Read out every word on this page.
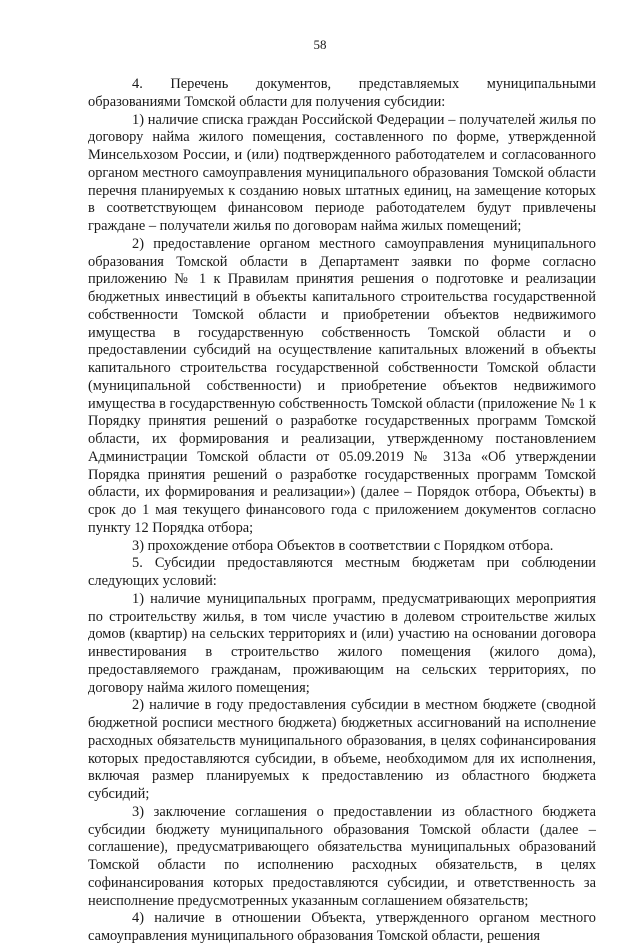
58

4. Перечень документов, представляемых муниципальными образованиями Томской области для получения субсидии:

1) наличие списка граждан Российской Федерации – получателей жилья по договору найма жилого помещения, составленного по форме, утвержденной Минсельхозом России, и (или) подтвержденного работодателем и согласованного органом местного самоуправления муниципального образования Томской области перечня планируемых к созданию новых штатных единиц, на замещение которых в соответствующем финансовом периоде работодателем будут привлечены граждане – получатели жилья по договорам найма жилых помещений;

2) предоставление органом местного самоуправления муниципального образования Томской области в Департамент заявки по форме согласно приложению № 1 к Правилам принятия решения о подготовке и реализации бюджетных инвестиций в объекты капитального строительства государственной собственности Томской области и приобретении объектов недвижимого имущества в государственную собственность Томской области и о предоставлении субсидий на осуществление капитальных вложений в объекты капитального строительства государственной собственности Томской области (муниципальной собственности) и приобретение объектов недвижимого имущества в государственную собственность Томской области (приложение № 1 к Порядку принятия решений о разработке государственных программ Томской области, их формирования и реализации, утвержденному постановлением Администрации Томской области от 05.09.2019 № 313а «Об утверждении Порядка принятия решений о разработке государственных программ Томской области, их формирования и реализации») (далее – Порядок отбора, Объекты) в срок до 1 мая текущего финансового года с приложением документов согласно пункту 12 Порядка отбора;

3) прохождение отбора Объектов в соответствии с Порядком отбора.

5. Субсидии предоставляются местным бюджетам при соблюдении следующих условий:

1) наличие муниципальных программ, предусматривающих мероприятия по строительству жилья, в том числе участию в долевом строительстве жилых домов (квартир) на сельских территориях и (или) участию на основании договора инвестирования в строительство жилого помещения (жилого дома), предоставляемого гражданам, проживающим на сельских территориях, по договору найма жилого помещения;

2) наличие в году предоставления субсидии в местном бюджете (сводной бюджетной росписи местного бюджета) бюджетных ассигнований на исполнение расходных обязательств муниципального образования, в целях софинансирования которых предоставляются субсидии, в объеме, необходимом для их исполнения, включая размер планируемых к предоставлению из областного бюджета субсидий;

3) заключение соглашения о предоставлении из областного бюджета субсидии бюджету муниципального образования Томской области (далее – соглашение), предусматривающего обязательства муниципальных образований Томской области по исполнению расходных обязательств, в целях софинансирования которых предоставляются субсидии, и ответственность за неисполнение предусмотренных указанным соглашением обязательств;

4) наличие в отношении Объекта, утвержденного органом местного самоуправления муниципального образования Томской области, решения
